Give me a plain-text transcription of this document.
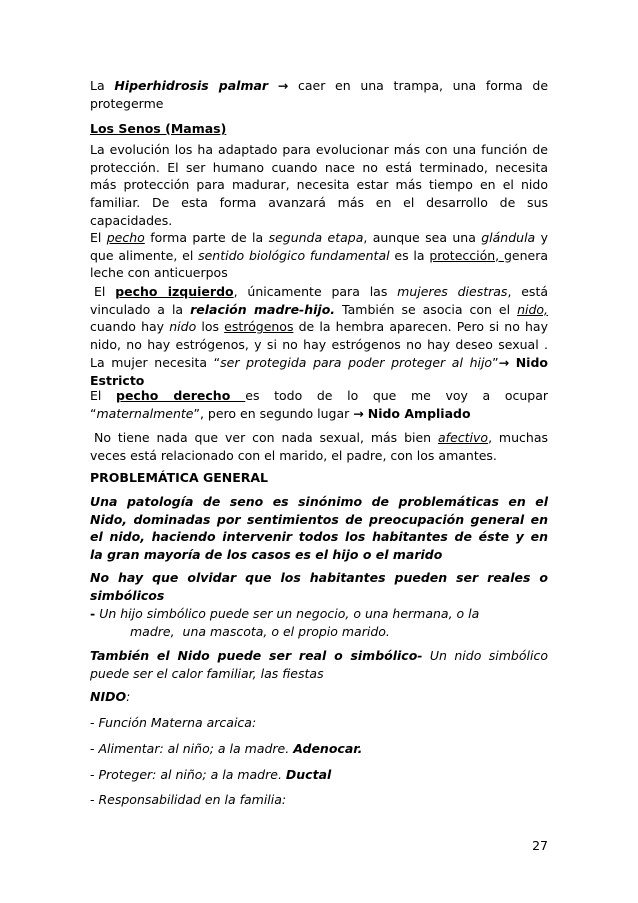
La Hiperhidrosis palmar → caer en una trampa, una forma de
protegerme
Los Senos (Mamas)
La evolución los ha adaptado para evolucionar más con una función de
protección. El ser humano cuando nace no está terminado, necesita
más protección para madurar, necesita estar más tiempo en el nido
familiar. De esta forma avanzará más en el desarrollo de sus
capacidades.
El pecho forma parte de la segunda etapa, aunque sea una glándula y
que alimente, el sentido biológico fundamental es la protección, genera
leche con anticuerpos
El pecho izquierdo, únicamente para las mujeres diestras, está
vinculado a la relación madre-hijo. También se asocia con el nido,
cuando hay nido los estrógenos de la hembra aparecen. Pero si no hay
nido, no hay estrógenos, y si no hay estrógenos no hay deseo sexual .
La mujer necesita “ser protegida para poder proteger al hijo”→ Nido
Estricto
El pecho derecho es todo de lo que me voy a ocupar
“maternalmente”, pero en segundo lugar → Nido Ampliado
No tiene nada que ver con nada sexual, más bien afectivo, muchas
veces está relacionado con el marido, el padre, con los amantes.
PROBLEMÁTICA GENERAL
Una patología de seno es sinónimo de problemáticas en el
Nido, dominadas por sentimientos de preocupación general en
el nido, haciendo intervenir todos los habitantes de éste y en
la gran mayoría de los casos es el hijo o el marido
No hay que olvidar que los habitantes pueden ser reales o
simbólicos
- Un hijo simbólico puede ser un negocio, o una hermana, o la
madre,  una mascota, o el propio marido.
También el Nido puede ser real o simbólico- Un nido simbólico
puede ser el calor familiar, las fiestas
NIDO:
- Función Materna arcaica:
- Alimentar: al niño; a la madre. Adenocar.
- Proteger: al niño; a la madre. Ductal
- Responsabilidad en la familia:
27
